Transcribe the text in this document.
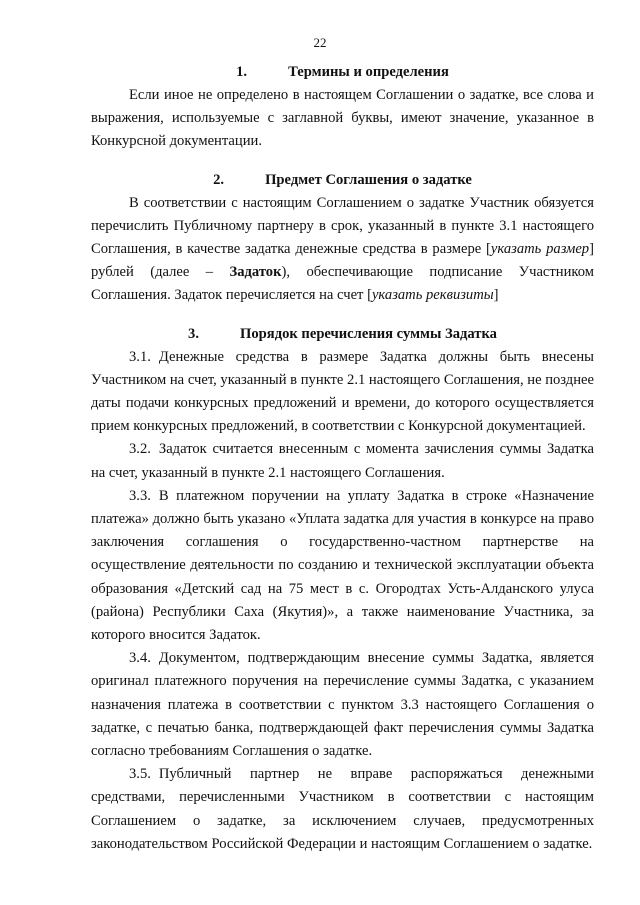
22
1.	Термины и определения

Если иное не определено в настоящем Соглашении о задатке, все слова и выражения, используемые с заглавной буквы, имеют значение, указанное в Конкурсной документации.

2.	Предмет Соглашения о задатке

В соответствии с настоящим Соглашением о задатке Участник обязуется перечислить Публичному партнеру в срок, указанный в пункте 3.1 настоящего Соглашения, в качестве задатка денежные средства в размере [указать размер] рублей (далее – Задаток), обеспечивающие подписание Участником Соглашения. Задаток перечисляется на счет [указать реквизиты]

3.	Порядок перечисления суммы Задатка

3.1. Денежные средства в размере Задатка должны быть внесены Участником на счет, указанный в пункте 2.1 настоящего Соглашения, не позднее даты подачи конкурсных предложений и времени, до которого осуществляется прием конкурсных предложений, в соответствии с Конкурсной документацией.

3.2. Задаток считается внесенным с момента зачисления суммы Задатка на счет, указанный в пункте 2.1 настоящего Соглашения.

3.3. В платежном поручении на уплату Задатка в строке «Назначение платежа» должно быть указано «Уплата задатка для участия в конкурсе на право заключения соглашения о государственно-частном партнерстве на осуществление деятельности по созданию и технической эксплуатации объекта образования «Детский сад на 75 мест в с. Огородтах Усть-Алданского улуса (района) Республики Саха (Якутия)», а также наименование Участника, за которого вносится Задаток.

3.4. Документом, подтверждающим внесение суммы Задатка, является оригинал платежного поручения на перечисление суммы Задатка, с указанием назначения платежа в соответствии с пунктом 3.3 настоящего Соглашения о задатке, с печатью банка, подтверждающей факт перечисления суммы Задатка согласно требованиям Соглашения о задатке.

3.5. Публичный партнер не вправе распоряжаться денежными средствами, перечисленными Участником в соответствии с настоящим Соглашением о задатке, за исключением случаев, предусмотренных законодательством Российской Федерации и настоящим Соглашением о задатке.
